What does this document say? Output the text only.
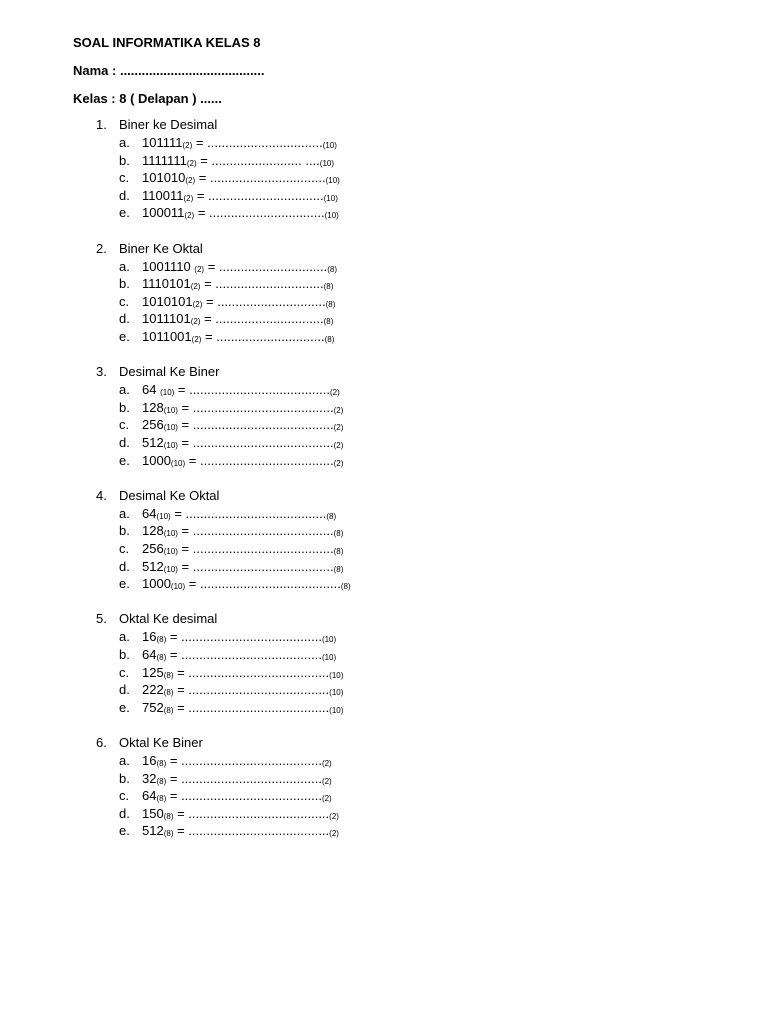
SOAL INFORMATIKA KELAS 8
Nama : ........................................
Kelas : 8 ( Delapan ) ......
1. Biner ke Desimal
a. 101111(2) = ................................(10)
b. 1111111(2) = ......................... ....(10)
c. 101010(2) = ................................(10)
d. 110011(2) = ................................(10)
e. 100011(2) = ................................(10)
2. Biner Ke Oktal
a. 1001110 (2) = ..............................(8)
b. 1110101(2) = ..............................(8)
c. 1010101(2) = ..............................(8)
d. 1011101(2) = ..............................(8)
e. 1011001(2) = ..............................(8)
3. Desimal Ke Biner
a. 64 (10) = .......................................(2)
b. 128(10) = .......................................(2)
c. 256(10) = .......................................(2)
d. 512(10) = .......................................(2)
e. 1000(10) = .....................................(2)
4. Desimal Ke Oktal
a. 64(10) = .......................................(8)
b. 128(10) = .......................................(8)
c. 256(10) = .......................................(8)
d. 512(10) = .......................................(8)
e. 1000(10) = .......................................(8)
5. Oktal Ke desimal
a. 16(8) = .......................................(10)
b. 64(8) = .......................................(10)
c. 125(8) = .......................................(10)
d. 222(8) = .......................................(10)
e. 752(8) = .......................................(10)
6. Oktal Ke Biner
a. 16(8) = .......................................(2)
b. 32(8) = .......................................(2)
c. 64(8) = .......................................(2)
d. 150(8) = .......................................(2)
e. 512(8) = .......................................(2)
